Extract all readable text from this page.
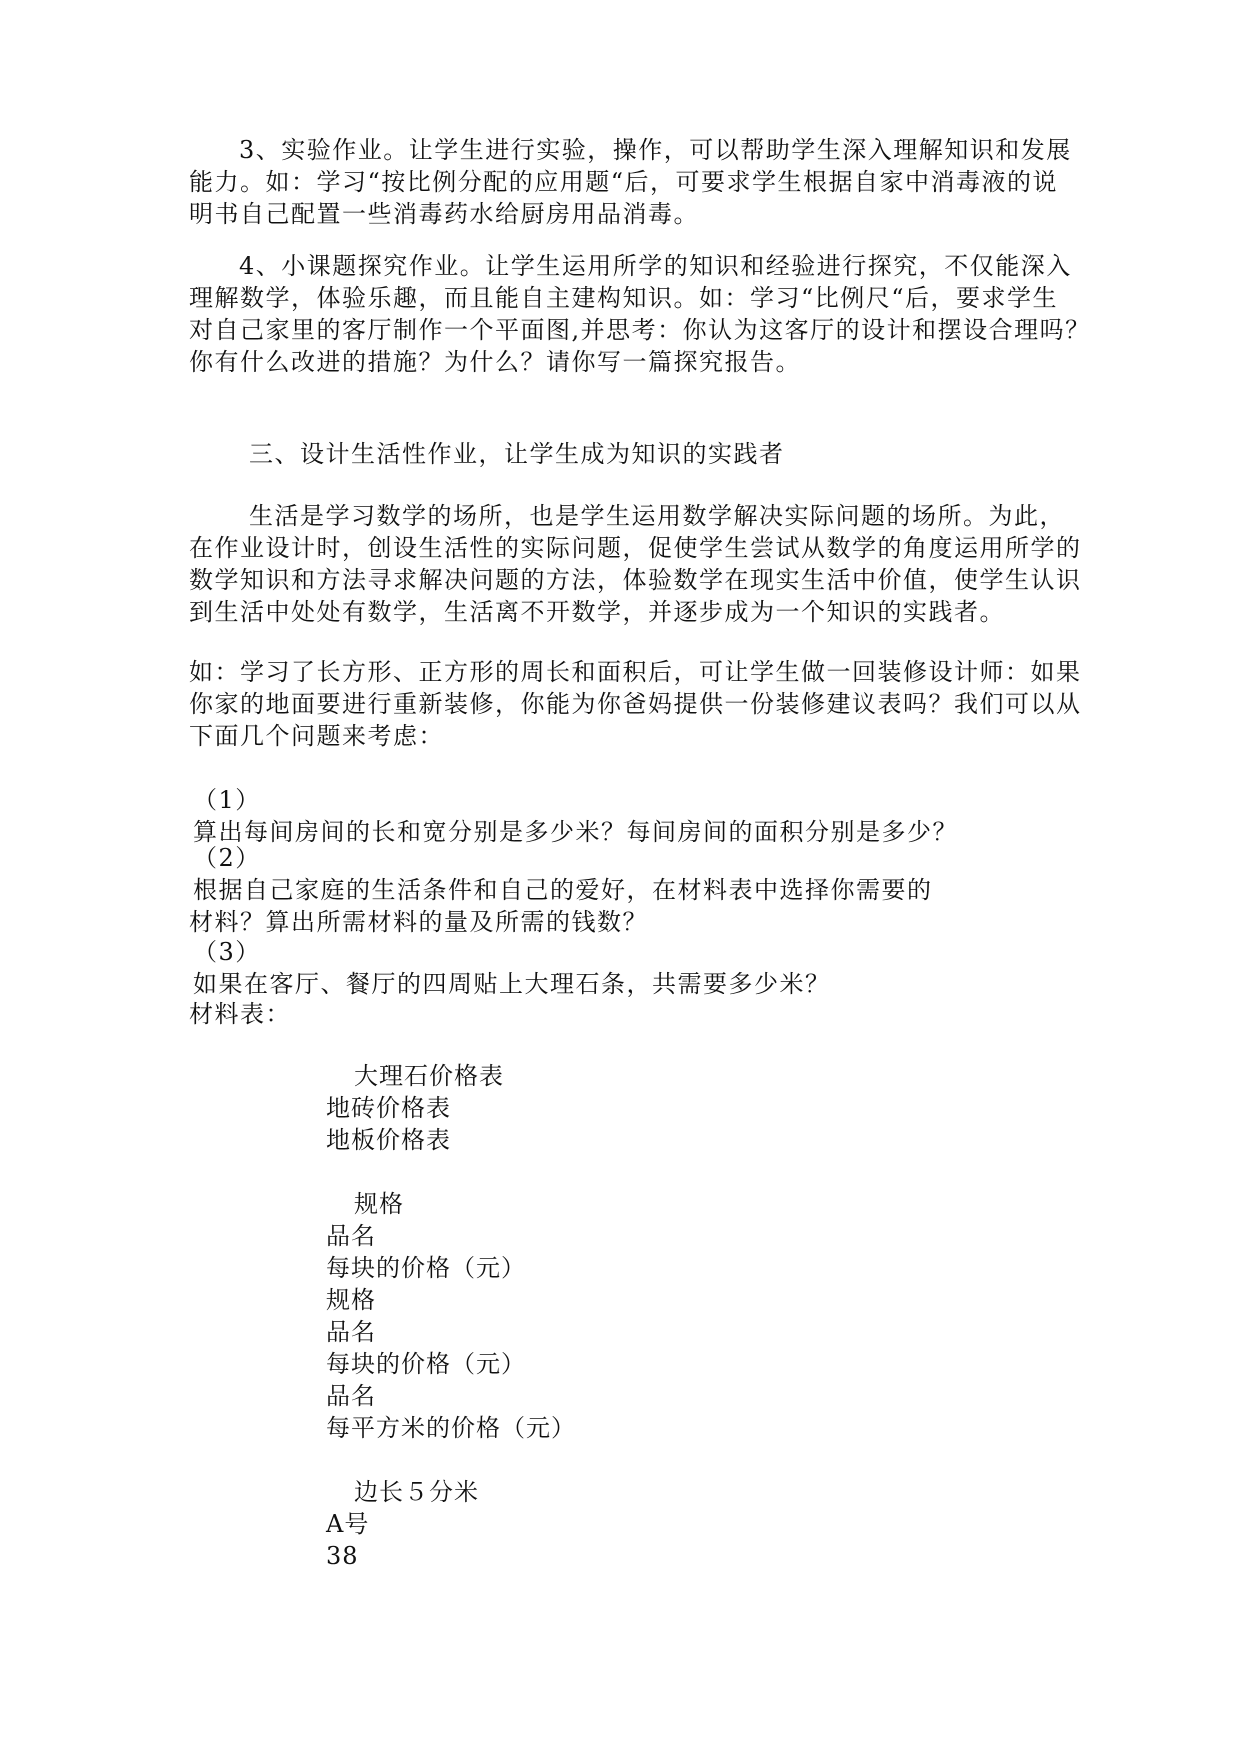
3、实验作业。让学生进行实验，操作，可以帮助学生深入理解知识和发展
能力。如：学习“按比例分配的应用题“后，可要求学生根据自家中消毒液的说
明书自己配置一些消毒药水给厨房用品消毒。
4、小课题探究作业。让学生运用所学的知识和经验进行探究，不仅能深入
理解数学，体验乐趣，而且能自主建构知识。如：学习“比例尺“后，要求学生
对自己家里的客厅制作一个平面图,并思考：你认为这客厅的设计和摆设合理吗？
你有什么改进的措施？为什么？请你写一篇探究报告。
三、设计生活性作业，让学生成为知识的实践者
生活是学习数学的场所，也是学生运用数学解决实际问题的场所。为此，
在作业设计时，创设生活性的实际问题，促使学生尝试从数学的角度运用所学的
数学知识和方法寻求解决问题的方法，体验数学在现实生活中价值，使学生认识
到生活中处处有数学，生活离不开数学，并逐步成为一个知识的实践者。
如：学习了长方形、正方形的周长和面积后，可让学生做一回装修设计师：如果
你家的地面要进行重新装修，你能为你爸妈提供一份装修建议表吗？我们可以从
下面几个问题来考虑：
（1）
算出每间房间的长和宽分别是多少米？每间房间的面积分别是多少？
（2）
根据自己家庭的生活条件和自己的爱好，在材料表中选择你需要的
材料？算出所需材料的量及所需的钱数？
（3）
如果在客厅、餐厅的四周贴上大理石条，共需要多少米？
材料表：
大理石价格表
地砖价格表
地板价格表
规格
品名
每块的价格（元）
规格
品名
每块的价格（元）
品名
每平方米的价格（元）
边长５分米
A号
38
